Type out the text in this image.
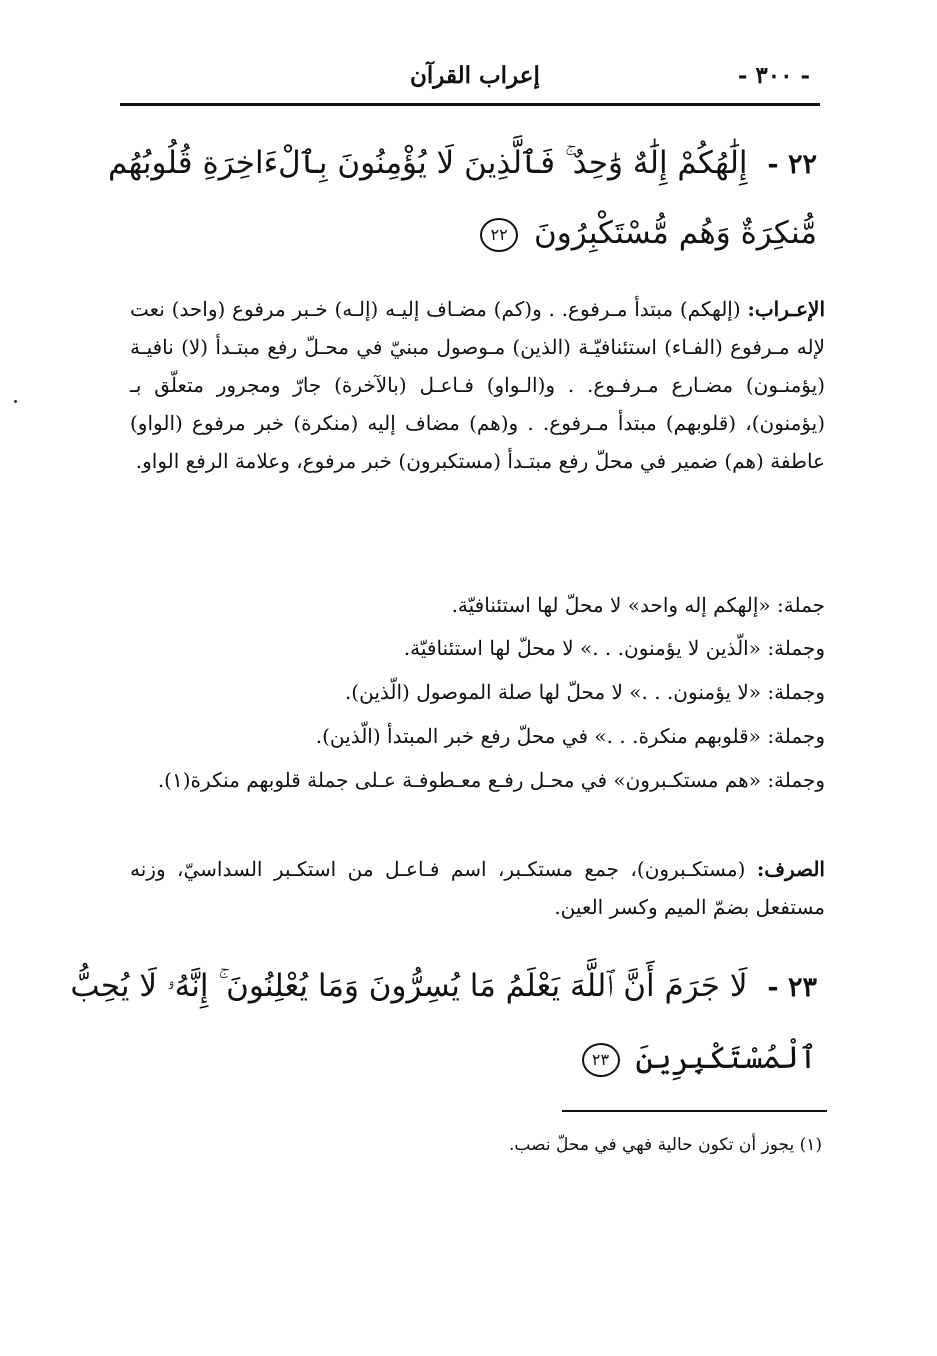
- ٣٠٠ -
إعراب القرآن
٢٢ - إِلَٰهُكُمْ إِلَٰهٌ وَٰحِدٌ ۚ فَٱلَّذِينَ لَا يُؤْمِنُونَ بِٱلْءَاخِرَةِ قُلُوبُهُم
مُّنكِرَةٌ وَهُم مُّسْتَكْبِرُونَ ٢٢
الإعـراب: (إلهكم) مبتدأ مـرفوع. . و(كم) مضـاف إليـه (إلـه) خـبر مرفوع (واحد) نعت لإله مـرفوع (الفـاء) استئنافيّـة (الذين) مـوصول مبنيّ في محـلّ رفع مبتـدأ (لا) نافيـة (يؤمنـون) مضـارع مـرفـوع. . و(الـواو) فـاعـل (بالآخرة) جارّ ومجرور متعلّق بـ (يؤمنون)، (قلوبهم) مبتدأ مـرفوع. . و(هم) مضاف إليه (منكرة) خبر مرفوع (الواو) عاطفة (هم) ضمير في محلّ رفع مبتـدأ (مستكبرون) خبر مرفوع، وعلامة الرفع الواو.
جملة: «إلهكم إله واحد» لا محلّ لها استئنافيّة.
وجملة: «الّذين لا يؤمنون. . .» لا محلّ لها استئنافيّة.
وجملة: «لا يؤمنون. . .» لا محلّ لها صلة الموصول (الّذين).
وجملة: «قلوبهم منكرة. . .» في محلّ رفع خبر المبتدأ (الّذين).
وجملة: «هم مستكـبرون» في محـل رفـع معـطوفـة عـلى جملة قلوبهم منكرة(١).
الصرف: (مستكـبرون)، جمع مستكـبر، اسم فـاعـل من استكـبر السداسيّ، وزنه مستفعل بضمّ الميم وكسر العين.
٢٣ - لَا جَرَمَ أَنَّ ٱللَّهَ يَعْلَمُ مَا يُسِرُّونَ وَمَا يُعْلِنُونَ ۚ إِنَّهُۥ لَا يُحِبُّ
ٱلْمُسْتَكْبِرِينَ ٢٣
(١) يجوز أن تكون حالية فهي في محلّ نصب.
